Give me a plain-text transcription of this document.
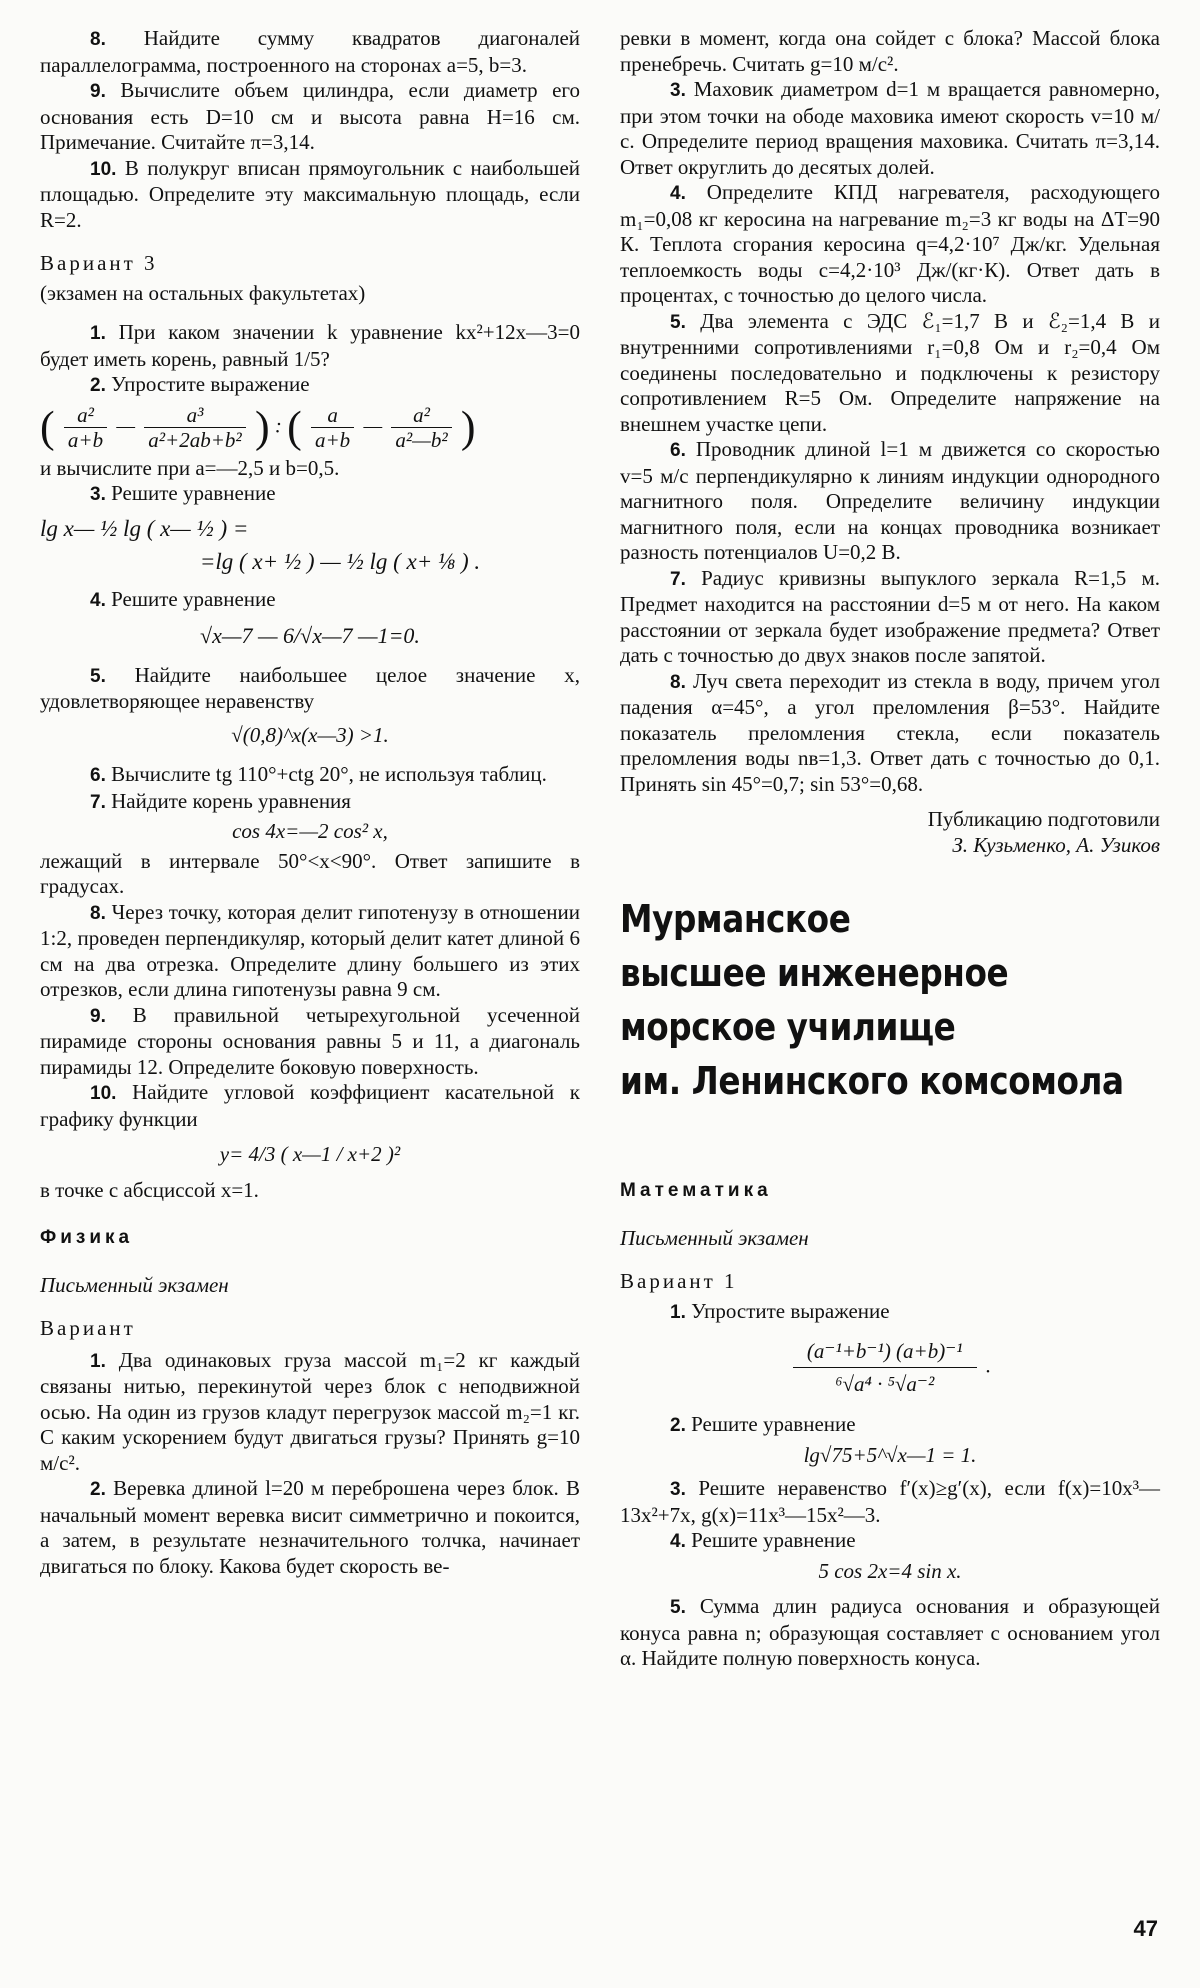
8. Найдите сумму квадратов диагоналей параллелограмма, построенного на сторонах a=5, b=3.

9. Вычислите объем цилиндра, если диаметр его основания есть D=10 см и высота равна H=16 см. Примечание. Считайте π=3,14.

10. В полукруг вписан прямоугольник с наибольшей площадью. Определите эту максимальную площадь, если R=2.

Вариант 3

(экзамен на остальных факультетах)

1. При каком значении k уравнение kx²+12x—3=0 будет иметь корень, равный 1/5?

2. Упростите выражение

( $\frac{\text{a²}}{a+b}$ — $\frac{\text{a³}}{\text{a²+2ab+b²}}$ ) : ( $\frac{a}{a+b}$ — $\frac{\text{a²}}{\text{a²—b²}}$ )

и вычислите при a=—2,5 и b=0,5.

3. Решите уравнение

lg x— ½ lg ( x— ½ ) =

=lg ( x+ ½ ) — ½ lg ( x+ ⅛ ) .

4. Решите уравнение

√x—7 — 6/√x—7 —1=0.

5. Найдите наибольшее целое значение x, удовлетворяющее неравенству

√(0,8)^x(x—3) >1.

6. Вычислите tg 110°+ctg 20°, не используя таблиц.

7. Найдите корень уравнения

cos 4x=—2 cos² x,

лежащий в интервале 50°<x<90°. Ответ запишите в градусах.

8. Через точку, которая делит гипотенузу в отношении 1:2, проведен перпендикуляр, который делит катет длиной 6 см на два отрезка. Определите длину большего из этих отрезков, если длина гипотенузы равна 9 см.

9. В правильной четырехугольной усеченной пирамиде стороны основания равны 5 и 11, а диагональ пирамиды 12. Определите боковую поверхность.

10. Найдите угловой коэффициент касательной к графику функции

y= 4/3 ( x—1 / x+2 )²

в точке с абсциссой x=1.

Физика

Письменный экзамен

Вариант

1. Два одинаковых груза массой m₁=2 кг каждый связаны нитью, перекинутой через блок с неподвижной осью. На один из грузов кладут перегрузок массой m₂=1 кг. С каким ускорением будут двигаться грузы? Принять g=10 м/с².

2. Веревка длиной l=20 м переброшена через блок. В начальный момент веревка висит симметрично и покоится, а затем, в результате незначительного толчка, начинает двигаться по блоку. Какова будет скорость ве-

ревки в момент, когда она сойдет с блока? Массой блока пренебречь. Считать g=10 м/с².

3. Маховик диаметром d=1 м вращается равномерно, при этом точки на ободе маховика имеют скорость v=10 м/с. Определите период вращения маховика. Считать π=3,14. Ответ округлить до десятых долей.

4. Определите КПД нагревателя, расходующего m₁=0,08 кг керосина на нагревание m₂=3 кг воды на ΔT=90 К. Теплота сгорания керосина q=4,2·10⁷ Дж/кг. Удельная теплоемкость воды c=4,2·10³ Дж/(кг·К). Ответ дать в процентах, с точностью до целого числа.

5. Два элемента с ЭДС ℰ₁=1,7 В и ℰ₂=1,4 В и внутренними сопротивлениями r₁=0,8 Ом и r₂=0,4 Ом соединены последовательно и подключены к резистору сопротивлением R=5 Ом. Определите напряжение на внешнем участке цепи.

6. Проводник длиной l=1 м движется со скоростью v=5 м/с перпендикулярно к линиям индукции однородного магнитного поля. Определите величину индукции магнитного поля, если на концах проводника возникает разность потенциалов U=0,2 В.

7. Радиус кривизны выпуклого зеркала R=1,5 м. Предмет находится на расстоянии d=5 м от него. На каком расстоянии от зеркала будет изображение предмета? Ответ дать с точностью до двух знаков после запятой.

8. Луч света переходит из стекла в воду, причем угол падения α=45°, а угол преломления β=53°. Найдите показатель преломления стекла, если показатель преломления воды nв=1,3. Ответ дать с точностью до 0,1. Принять sin 45°=0,7; sin 53°=0,68.

Публикацию подготовили

З. Кузьменко, А. Узиков

Мурманское
высшее инженерное
морское училище
им. Ленинского комсомола

Математика

Письменный экзамен

Вариант 1

1. Упростите выражение

$\frac{\text{(a⁻¹+b⁻¹) (a+b)⁻¹}}{\text{⁶√a⁴ · ⁵√a⁻²}}$ .

2. Решите уравнение

lg√75+5^√x—1 = 1.

3. Решите неравенство f′(x)≥g′(x), если f(x)=10x³—13x²+7x, g(x)=11x³—15x²—3.

4. Решите уравнение

5 cos 2x=4 sin x.

5. Сумма длин радиуса основания и образующей конуса равна n; образующая составляет с основанием угол α. Найдите полную поверхность конуса.

47
